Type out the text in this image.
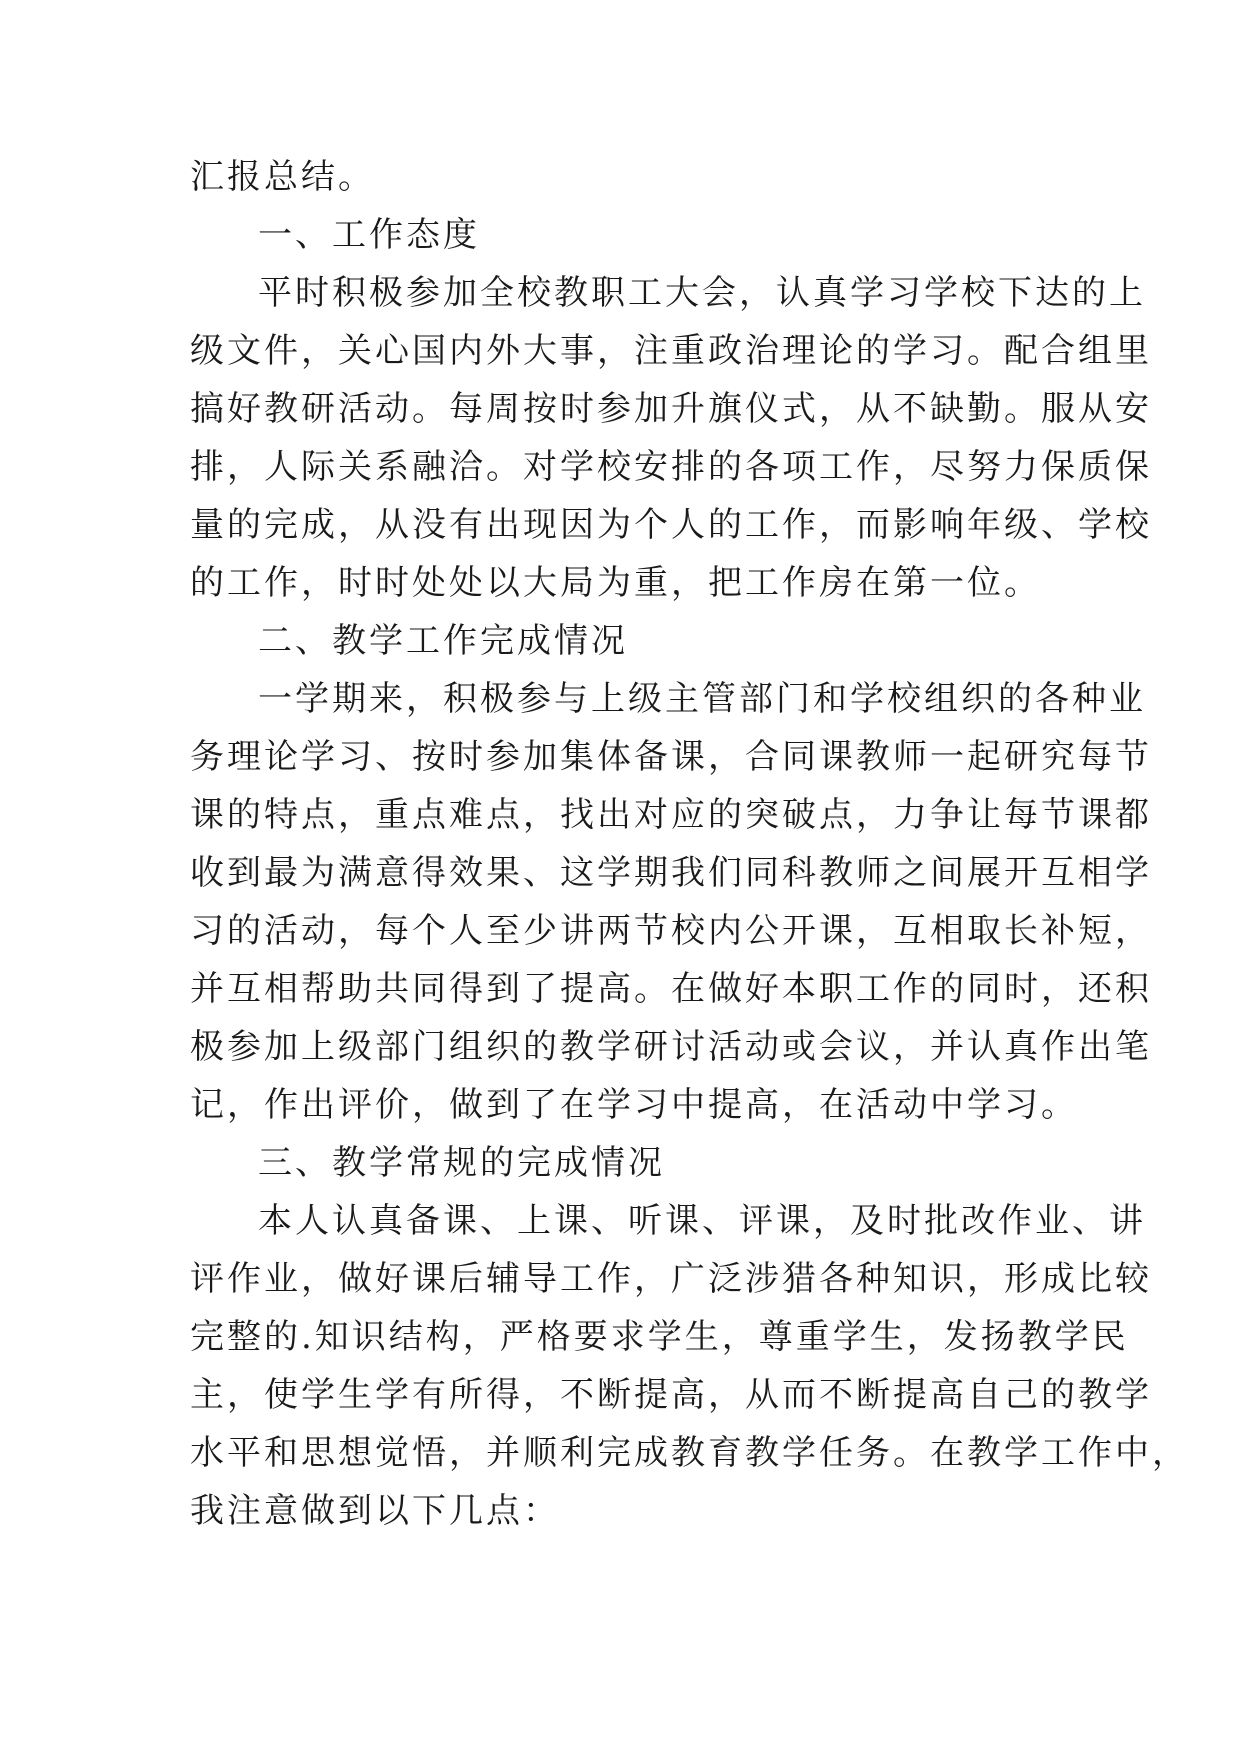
汇报总结。
一、工作态度
平时积极参加全校教职工大会，认真学习学校下达的上
级文件，关心国内外大事，注重政治理论的学习。配合组里
搞好教研活动。每周按时参加升旗仪式，从不缺勤。服从安
排，人际关系融洽。对学校安排的各项工作，尽努力保质保
量的完成，从没有出现因为个人的工作，而影响年级、学校
的工作，时时处处以大局为重，把工作房在第一位。
二、教学工作完成情况
一学期来，积极参与上级主管部门和学校组织的各种业
务理论学习、按时参加集体备课，合同课教师一起研究每节
课的特点，重点难点，找出对应的突破点，力争让每节课都
收到最为满意得效果、这学期我们同科教师之间展开互相学
习的活动，每个人至少讲两节校内公开课，互相取长补短，
并互相帮助共同得到了提高。在做好本职工作的同时，还积
极参加上级部门组织的教学研讨活动或会议，并认真作出笔
记，作出评价，做到了在学习中提高，在活动中学习。
三、教学常规的完成情况
本人认真备课、上课、听课、评课，及时批改作业、讲
评作业，做好课后辅导工作，广泛涉猎各种知识，形成比较
完整的.知识结构，严格要求学生，尊重学生，发扬教学民
主，使学生学有所得，不断提高，从而不断提高自己的教学
水平和思想觉悟，并顺利完成教育教学任务。在教学工作中，
我注意做到以下几点：
